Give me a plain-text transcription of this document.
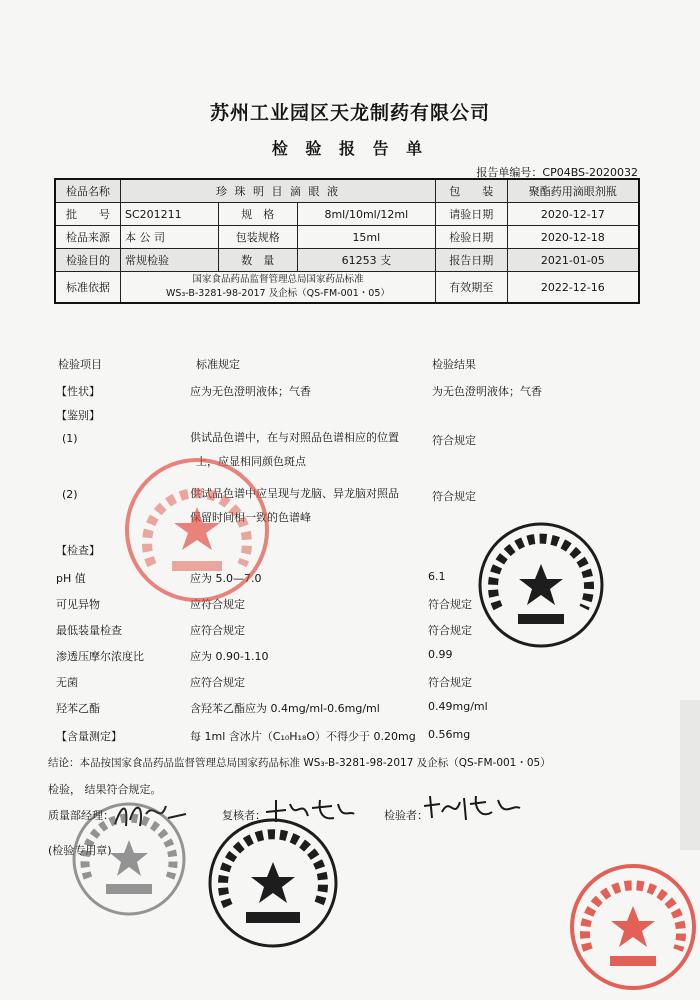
苏州工业园区天龙制药有限公司
检 验 报 告 单
报告单编号：CP04BS-2020032
检品名称	珍 珠 明 目 滴 眼 液			包　　装	聚酯药用滴眼剂瓶
批　　号	SC201211	规　格	8ml/10ml/12ml	请验日期	2020-12-17
检品来源	本 公 司	包装规格	15ml	检验日期	2020-12-18
检验目的	常规检验	数　量	61253 支	报告日期	2021-01-05
标准依据	国家食品药品监督管理总局国家药品标准
WS₃-B-3281-98-2017 及企标（QS-FM-001・05）			有效期至	2022-12-16
检验项目	标准规定	检验结果
【性状】	应为无色澄明液体；气香	为无色澄明液体；气香
【鉴别】
(1)	供试品色谱中，在与对照品色谱相应的位置
上，应显相同颜色斑点
符合规定
(2)	供试品色谱中应呈现与龙脑、异龙脑对照品
保留时间相一致的色谱峰
符合规定
【检查】
pH 值	应为 5.0—7.0	6.1
可见异物	应符合规定	符合规定
最低装量检查	应符合规定	符合规定
渗透压摩尔浓度比	应为 0.90-1.10	0.99
无菌	应符合规定	符合规定
羟苯乙酯	含羟苯乙酯应为 0.4mg/ml-0.6mg/ml	0.49mg/ml
【含量测定】	每 1ml 含冰片（C₁₀H₁₈O）不得少于 0.20mg 0.56mg
结论：本品按国家食品药品监督管理总局国家药品标准 WS₃-B-3281-98-2017 及企标（QS-FM-001・05）
检验， 结果符合规定。
质量部经理：	复核者：	检验者：
(检验专用章)
